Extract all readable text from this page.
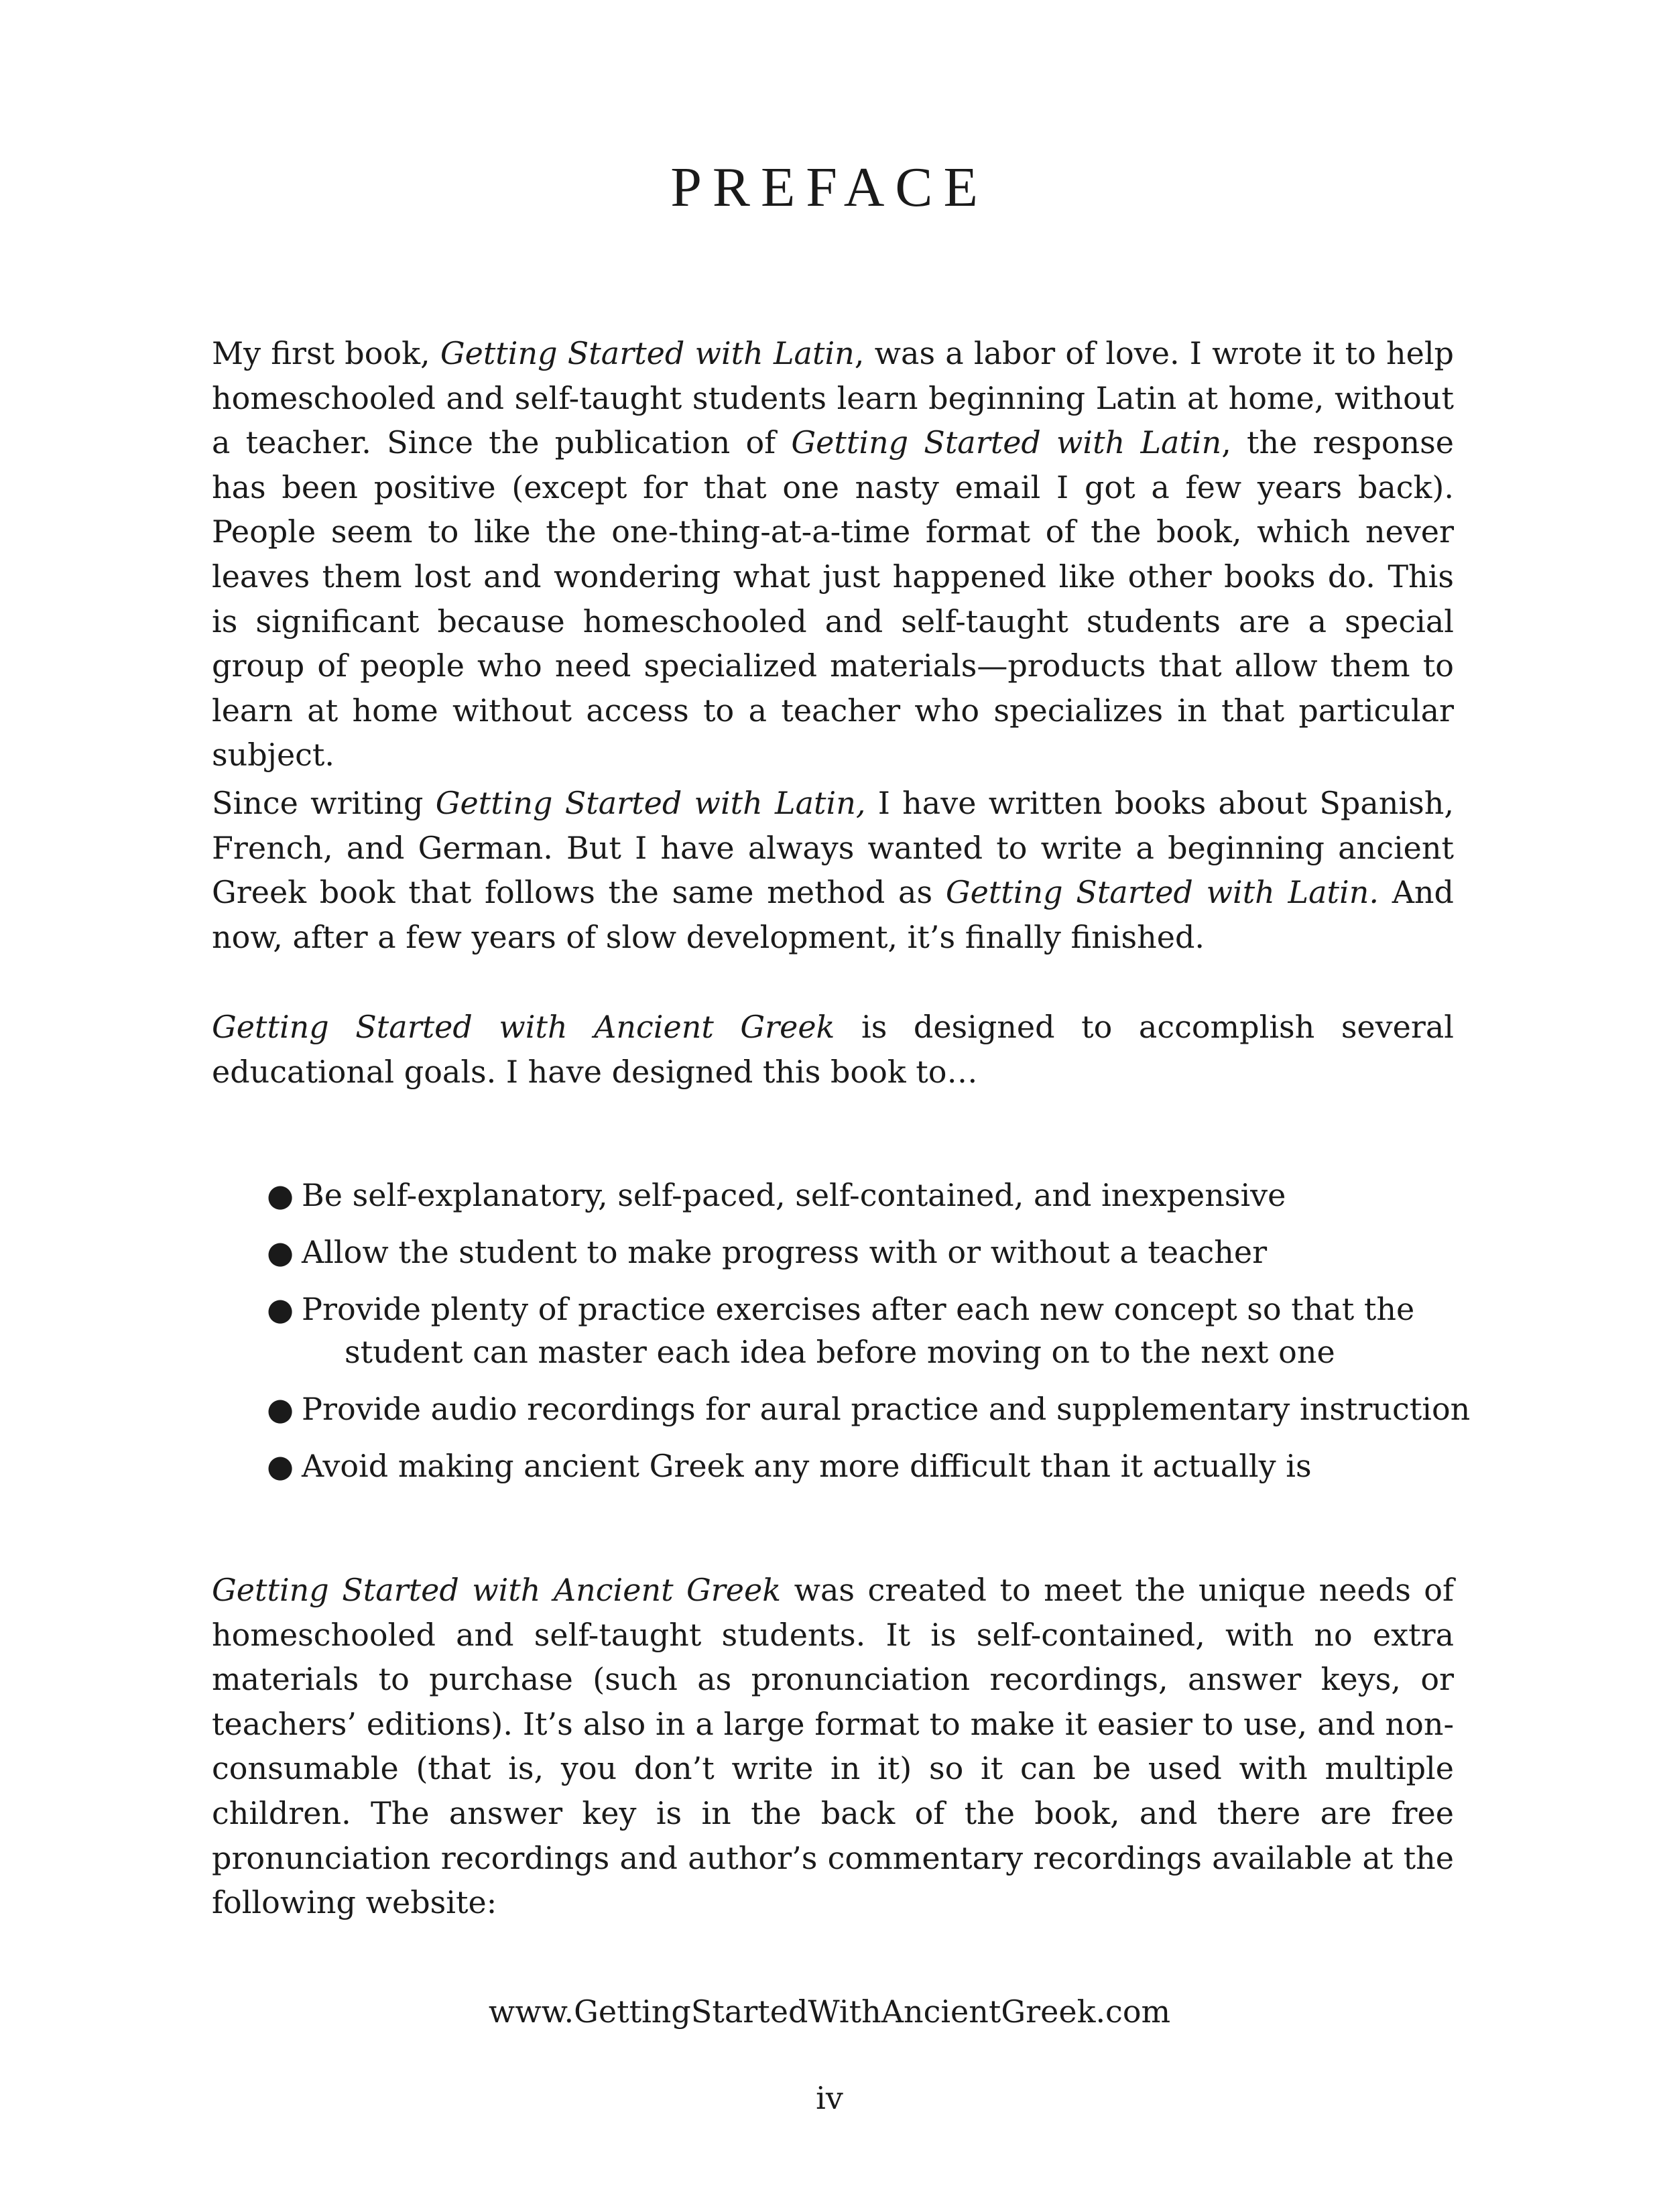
PREFACE

My first book, Getting Started with Latin, was a labor of love. I wrote it to help homeschooled and self-taught students learn beginning Latin at home, without a teacher. Since the publication of Getting Started with Latin, the response has been positive (except for that one nasty email I got a few years back). People seem to like the one-thing-at-a-time format of the book, which never leaves them lost and wondering what just happened like other books do. This is significant because homeschooled and self-taught students are a special group of people who need specialized materials—products that allow them to learn at home without access to a teacher who specializes in that particular subject.

Since writing Getting Started with Latin, I have written books about Spanish, French, and German. But I have always wanted to write a beginning ancient Greek book that follows the same method as Getting Started with Latin. And now, after a few years of slow development, it’s finally finished.

Getting Started with Ancient Greek is designed to accomplish several educational goals. I have designed this book to…

● Be self-explanatory, self-paced, self-contained, and inexpensive
● Allow the student to make progress with or without a teacher
● Provide plenty of practice exercises after each new concept so that the
student can master each idea before moving on to the next one
● Provide audio recordings for aural practice and supplementary instruction
● Avoid making ancient Greek any more difficult than it actually is

Getting Started with Ancient Greek was created to meet the unique needs of homeschooled and self-taught students. It is self-contained, with no extra materials to purchase (such as pronunciation recordings, answer keys, or teachers’ editions). It’s also in a large format to make it easier to use, and non-consumable (that is, you don’t write in it) so it can be used with multiple children. The answer key is in the back of the book, and there are free pronunciation recordings and author’s commentary recordings available at the following website:

www.GettingStartedWithAncientGreek.com
iv
